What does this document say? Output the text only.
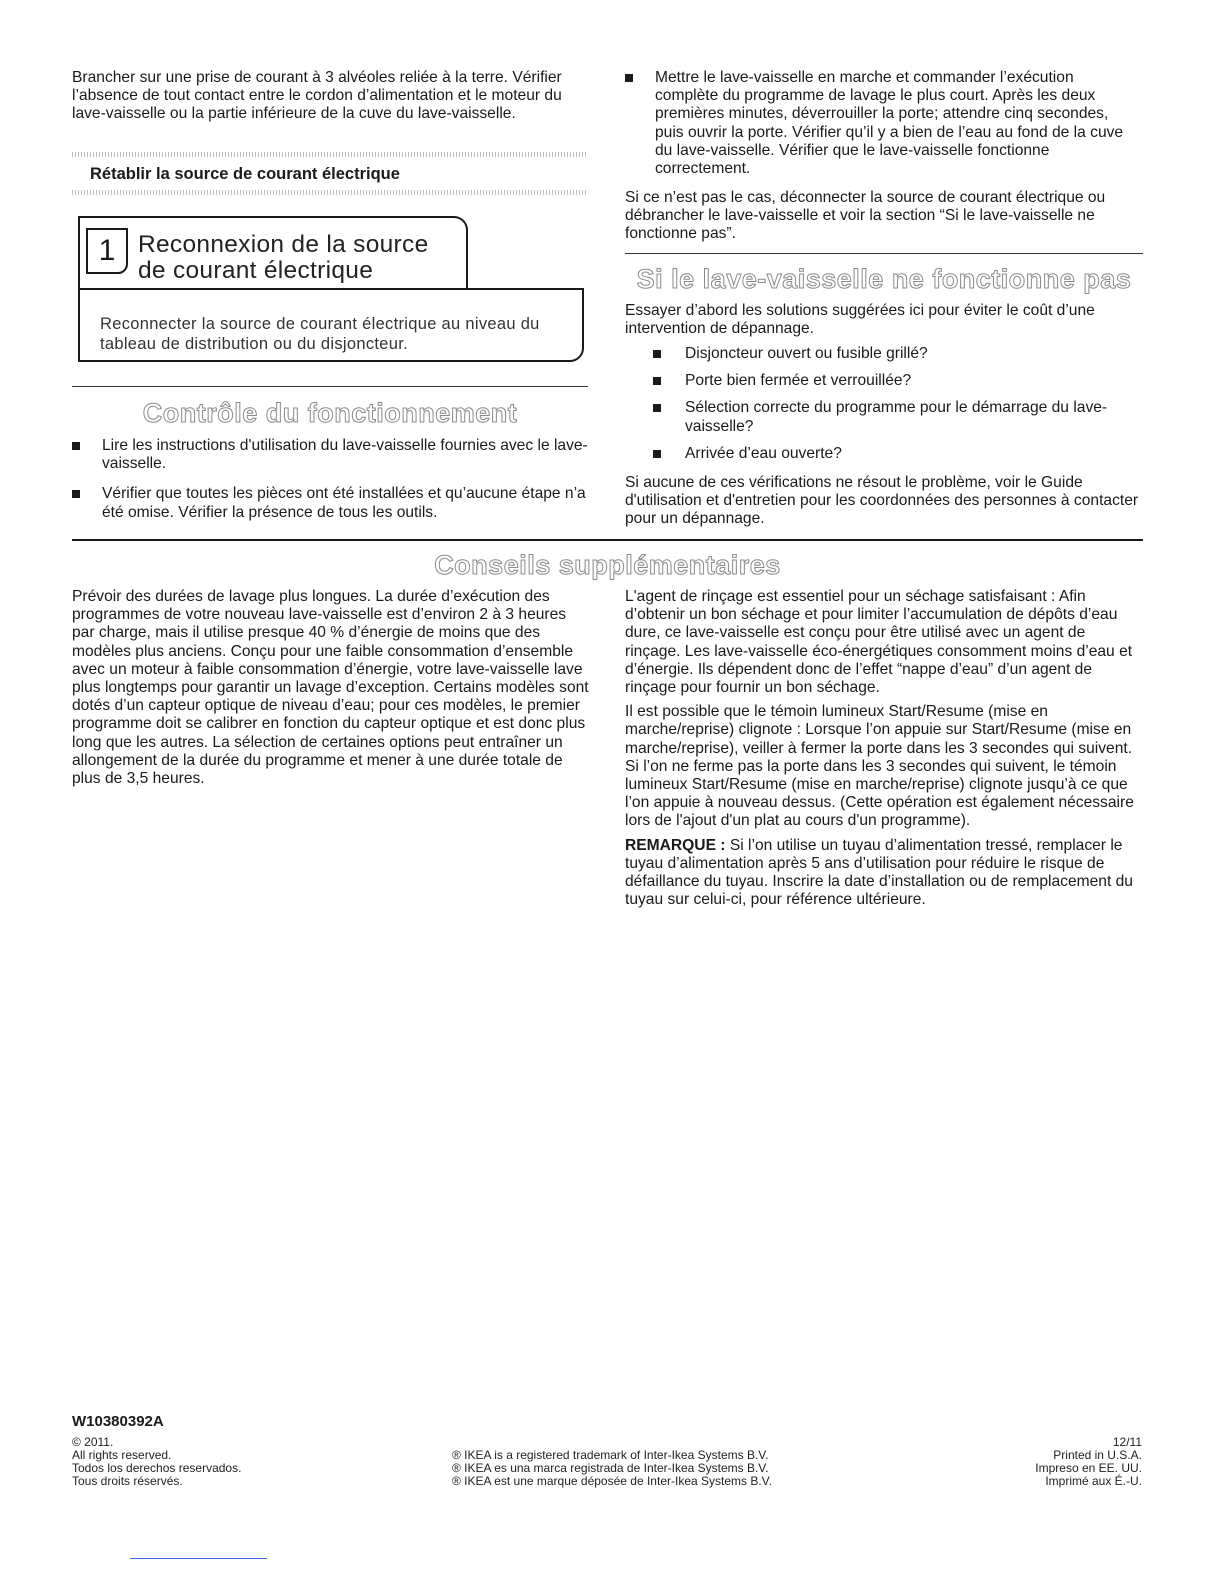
Brancher sur une prise de courant à 3 alvéoles reliée à la terre. Vérifier l’absence de tout contact entre le cordon d’alimentation et le moteur du lave-vaisselle ou la partie inférieure de la cuve du lave-vaisselle.

Rétablir la source de courant électrique
1 Reconnexion de la source
de courant électrique
Reconnecter la source de courant électrique au niveau du tableau de distribution ou du disjoncteur.
Contrôle du fonctionnement
Lire les instructions d'utilisation du lave-vaisselle fournies avec le lave-vaisselle.
Vérifier que toutes les pièces ont été installées et qu’aucune étape n’a été omise. Vérifier la présence de tous les outils.
Mettre le lave-vaisselle en marche et commander l’exécution complète du programme de lavage le plus court. Après les deux premières minutes, déverrouiller la porte; attendre cinq secondes, puis ouvrir la porte. Vérifier qu’il y a bien de l’eau au fond de la cuve du lave-vaisselle. Vérifier que le lave-vaisselle fonctionne correctement.

Si ce n’est pas le cas, déconnecter la source de courant électrique ou débrancher le lave-vaisselle et voir la section “Si le lave-vaisselle ne fonctionne pas”.

Si le lave-vaisselle ne fonctionne pas

Essayer d’abord les solutions suggérées ici pour éviter le coût d’une intervention de dépannage.

Disjoncteur ouvert ou fusible grillé?
Porte bien fermée et verrouillée?
Sélection correcte du programme pour le démarrage du lave-vaisselle?
Arrivée d’eau ouverte?

Si aucune de ces vérifications ne résout le problème, voir le Guide d'utilisation et d'entretien pour les coordonnées des personnes à contacter pour un dépannage.

Conseils supplémentaires

Prévoir des durées de lavage plus longues. La durée d’exécution des programmes de votre nouveau lave-vaisselle est d’environ 2 à 3 heures par charge, mais il utilise presque 40 % d’énergie de moins que des modèles plus anciens. Conçu pour une faible consommation d’ensemble avec un moteur à faible consommation d’énergie, votre lave-vaisselle lave plus longtemps pour garantir un lavage d’exception. Certains modèles sont dotés d’un capteur optique de niveau d’eau; pour ces modèles, le premier programme doit se calibrer en fonction du capteur optique et est donc plus long que les autres. La sélection de certaines options peut entraîner un allongement de la durée du programme et mener à une durée totale de plus de 3,5 heures.

L'agent de rinçage est essentiel pour un séchage satisfaisant : Afin d’obtenir un bon séchage et pour limiter l’accumulation de dépôts d’eau dure, ce lave-vaisselle est conçu pour être utilisé avec un agent de rinçage. Les lave-vaisselle éco-énergétiques consomment moins d’eau et d’énergie. Ils dépendent donc de l’effet “nappe d’eau” d’un agent de rinçage pour fournir un bon séchage.

Il est possible que le témoin lumineux Start/Resume (mise en marche/reprise) clignote : Lorsque l’on appuie sur Start/Resume (mise en marche/reprise), veiller à fermer la porte dans les 3 secondes qui suivent. Si l’on ne ferme pas la porte dans les 3 secondes qui suivent, le témoin lumineux Start/Resume (mise en marche/reprise) clignote jusqu’à ce que l’on appuie à nouveau dessus. (Cette opération est également nécessaire lors de l'ajout d'un plat au cours d'un programme).

REMARQUE : Si l’on utilise un tuyau d’alimentation tressé, remplacer le tuyau d’alimentation après 5 ans d’utilisation pour réduire le risque de défaillance du tuyau. Inscrire la date d’installation ou de remplacement du tuyau sur celui-ci, pour référence ultérieure.

W10380392A
© 2011.
All rights reserved.
Todos los derechos reservados.
Tous droits réservés.
® IKEA is a registered trademark of Inter-Ikea Systems B.V.
® IKEA es una marca registrada de Inter-Ikea Systems B.V.
® IKEA est une marque déposée de Inter-Ikea Systems B.V.
12/11
Printed in U.S.A.
Impreso en EE. UU.
Imprimé aux É.-U.
